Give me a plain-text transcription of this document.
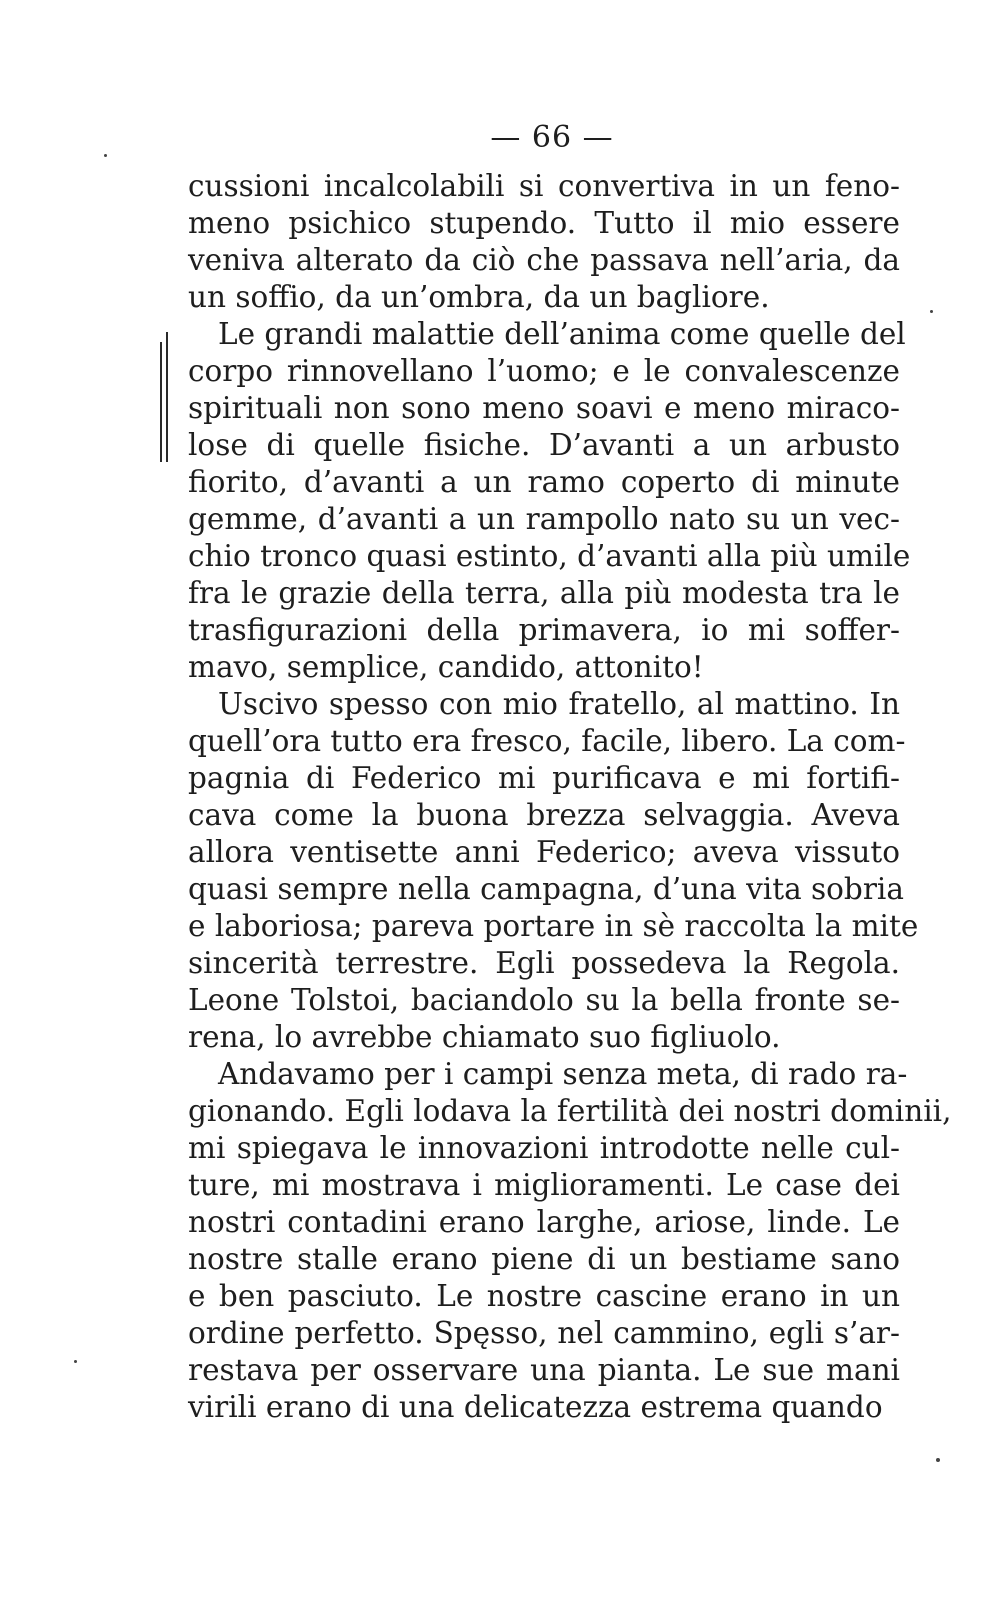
— 66 —
cussioni incalcolabili si convertiva in un feno-
meno psichico stupendo. Tutto il mio essere
veniva alterato da ciò che passava nell’aria, da
un soffio, da un’ombra, da un bagliore.
Le grandi malattie dell’anima come quelle del
corpo rinnovellano l’uomo; e le convalescenze
spirituali non sono meno soavi e meno miraco-
lose di quelle fisiche. D’avanti a un arbusto
fiorito, d’avanti a un ramo coperto di minute
gemme, d’avanti a un rampollo nato su un vec-
chio tronco quasi estinto, d’avanti alla più umile
fra le grazie della terra, alla più modesta tra le
trasfigurazioni della primavera, io mi soffer-
mavo, semplice, candido, attonito!
Uscivo spesso con mio fratello, al mattino. In
quell’ora tutto era fresco, facile, libero. La com-
pagnia di Federico mi purificava e mi fortifi-
cava come la buona brezza selvaggia. Aveva
allora ventisette anni Federico; aveva vissuto
quasi sempre nella campagna, d’una vita sobria
e laboriosa; pareva portare in sè raccolta la mite
sincerità terrestre. Egli possedeva la Regola.
Leone Tolstoi, baciandolo su la bella fronte se-
rena, lo avrebbe chiamato suo figliuolo.
Andavamo per i campi senza meta, di rado ra-
gionando. Egli lodava la fertilità dei nostri dominii,
mi spiegava le innovazioni introdotte nelle cul-
ture, mi mostrava i miglioramenti. Le case dei
nostri contadini erano larghe, ariose, linde. Le
nostre stalle erano piene di un bestiame sano
e ben pasciuto. Le nostre cascine erano in un
ordine perfetto. Spęsso, nel cammino, egli s’ar-
restava per osservare una pianta. Le sue mani
virili erano di una delicatezza estrema quando
